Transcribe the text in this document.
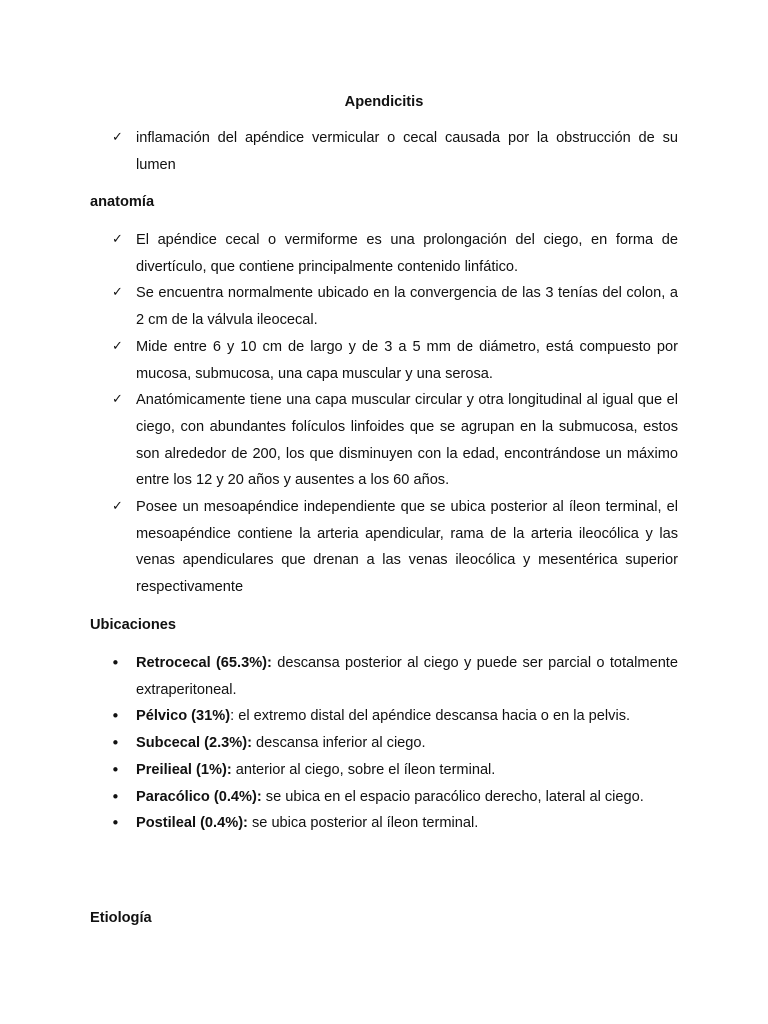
Apendicitis
✓ inflamación del apéndice vermicular o cecal causada por la obstrucción de su lumen
anatomía
✓ El apéndice cecal o vermiforme es una prolongación del ciego, en forma de divertículo, que contiene principalmente contenido linfático.
✓ Se encuentra normalmente ubicado en la convergencia de las 3 tenías del colon, a 2 cm de la válvula ileocecal.
✓ Mide entre 6 y 10 cm de largo y de 3 a 5 mm de diámetro, está compuesto por mucosa, submucosa, una capa muscular y una serosa.
✓ Anatómicamente tiene una capa muscular circular y otra longitudinal al igual que el ciego, con abundantes folículos linfoides que se agrupan en la submucosa, estos son alrededor de 200, los que disminuyen con la edad, encontrándose un máximo entre los 12 y 20 años y ausentes a los 60 años.
✓ Posee un mesoapéndice independiente que se ubica posterior al íleon terminal, el mesoapéndice contiene la arteria apendicular, rama de la arteria ileocólica y las venas apendiculares que drenan a las venas ileocólica y mesentérica superior respectivamente
Ubicaciones
• Retrocecal (65.3%): descansa posterior al ciego y puede ser parcial o totalmente extraperitoneal.
• Pélvico (31%): el extremo distal del apéndice descansa hacia o en la pelvis.
• Subcecal (2.3%): descansa inferior al ciego.
• Preilieal (1%): anterior al ciego, sobre el íleon terminal.
• Paracólico (0.4%): se ubica en el espacio paracólico derecho, lateral al ciego.
• Postileal (0.4%): se ubica posterior al íleon terminal.
Etiología
